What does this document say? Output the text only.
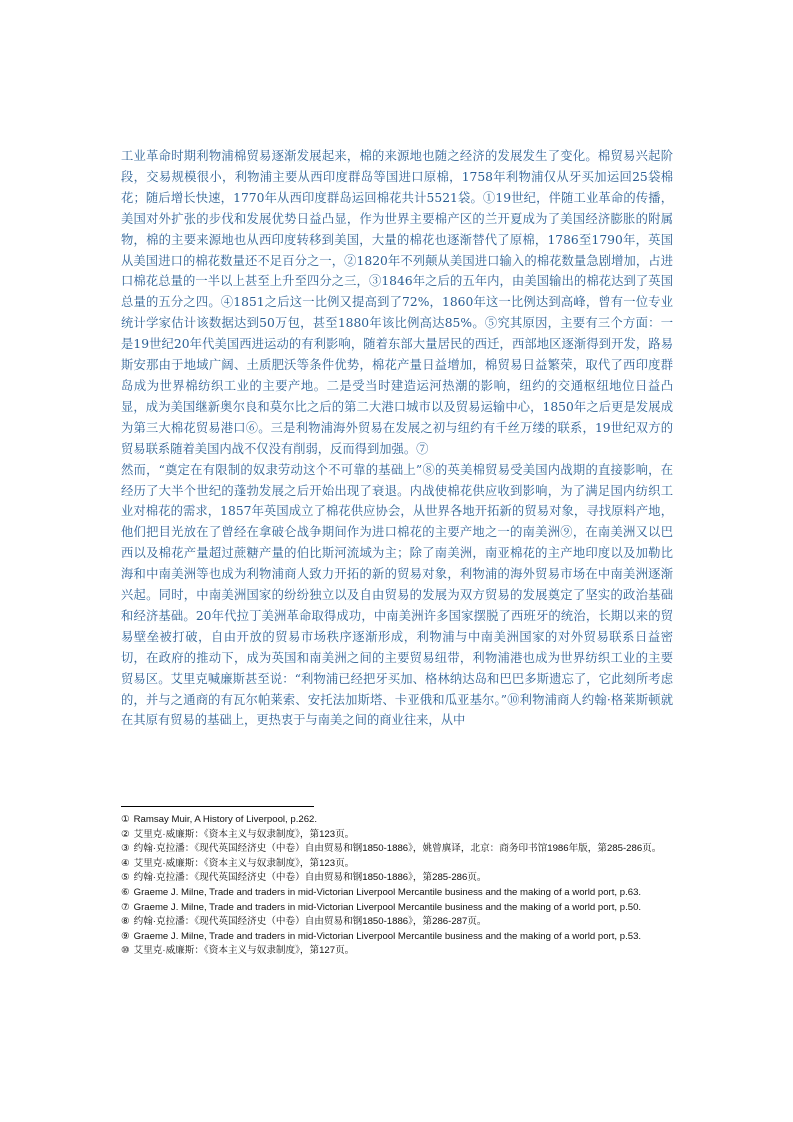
工业革命时期利物浦棉贸易逐渐发展起来，棉的来源地也随之经济的发展发生了变化。棉贸易兴起阶段，交易规模很小，利物浦主要从西印度群岛等国进口原棉，1758年利物浦仅从牙买加运回25袋棉花；随后增长快速，1770年从西印度群岛运回棉花共计5521袋。①19世纪，伴随工业革命的传播，美国对外扩张的步伐和发展优势日益凸显，作为世界主要棉产区的兰开夏成为了美国经济膨胀的附属物，棉的主要来源地也从西印度转移到美国，大量的棉花也逐渐替代了原棉，1786至1790年，英国从美国进口的棉花数量还不足百分之一，②1820年不列颠从美国进口输入的棉花数量急剧增加，占进口棉花总量的一半以上甚至上升至四分之三，③1846年之后的五年内，由美国输出的棉花达到了英国总量的五分之四。④1851之后这一比例又提高到了72%，1860年这一比例达到高峰，曾有一位专业统计学家估计该数据达到50万包，甚至1880年该比例高达85%。⑤究其原因，主要有三个方面：一是19世纪20年代美国西进运动的有利影响，随着东部大量居民的西迁，西部地区逐渐得到开发，路易斯安那由于地域广阔、土质肥沃等条件优势，棉花产量日益增加，棉贸易日益繁荣，取代了西印度群岛成为世界棉纺织工业的主要产地。二是受当时建造运河热潮的影响，纽约的交通枢纽地位日益凸显，成为美国继新奥尔良和莫尔比之后的第二大港口城市以及贸易运输中心，1850年之后更是发展成为第三大棉花贸易港口⑥。三是利物浦海外贸易在发展之初与纽约有千丝万缕的联系，19世纪双方的贸易联系随着美国内战不仅没有削弱，反而得到加强。⑦

然而，“奠定在有限制的奴隶劳动这个不可靠的基础上”⑧的英美棉贸易受美国内战期的直接影响，在经历了大半个世纪的蓬勃发展之后开始出现了衰退。内战使棉花供应收到影响，为了满足国内纺织工业对棉花的需求，1857年英国成立了棉花供应协会，从世界各地开拓新的贸易对象，寻找原料产地，他们把目光放在了曾经在拿破仑战争期间作为进口棉花的主要产地之一的南美洲⑨，在南美洲又以巴西以及棉花产量超过蔗糖产量的伯比斯河流域为主；除了南美洲，南亚棉花的主产地印度以及加勒比海和中南美洲等也成为利物浦商人致力开拓的新的贸易对象，利物浦的海外贸易市场在中南美洲逐渐兴起。同时，中南美洲国家的纷纷独立以及自由贸易的发展为双方贸易的发展奠定了坚实的政治基础和经济基础。20年代拉丁美洲革命取得成功，中南美洲许多国家摆脱了西班牙的统治，长期以来的贸易壁垒被打破，自由开放的贸易市场秩序逐渐形成，利物浦与中南美洲国家的对外贸易联系日益密切，在政府的推动下，成为英国和南美洲之间的主要贸易纽带，利物浦港也成为世界纺织工业的主要贸易区。艾里克喊廉斯甚至说：“利物浦已经把牙买加、格林纳达岛和巴巴多斯遗忘了，它此刻所考虑的，并与之通商的有瓦尔帕莱索、安托法加斯塔、卡亚俄和瓜亚基尔。”⑩利物浦商人约翰·格莱斯顿就在其原有贸易的基础上，更热衷于与南美之间的商业往来，从中

① Ramsay Muir, A History of Liverpool, p.262.

② 艾里克·威廉斯：《资本主义与奴隶制度》，第123页。

③ 约翰·克拉潘：《现代英国经济史（中卷）自由贸易和钢1850-1886》，姚曾廙译，北京：商务印书馆1986年版，第285-286页。

④ 艾里克·威廉斯：《资本主义与奴隶制度》，第123页。

⑤ 约翰·克拉潘：《现代英国经济史（中卷）自由贸易和钢1850-1886》，第285-286页。

⑥ Graeme J. Milne, Trade and traders in mid-Victorian Liverpool Mercantile business and the making of a world port, p.63.

⑦ Graeme J. Milne, Trade and traders in mid-Victorian Liverpool Mercantile business and the making of a world port, p.50.

⑧ 约翰·克拉潘：《现代英国经济史（中卷）自由贸易和钢1850-1886》，第286-287页。

⑨ Graeme J. Milne, Trade and traders in mid-Victorian Liverpool Mercantile business and the making of a world port, p.53.

⑩ 艾里克·威廉斯：《资本主义与奴隶制度》，第127页。
